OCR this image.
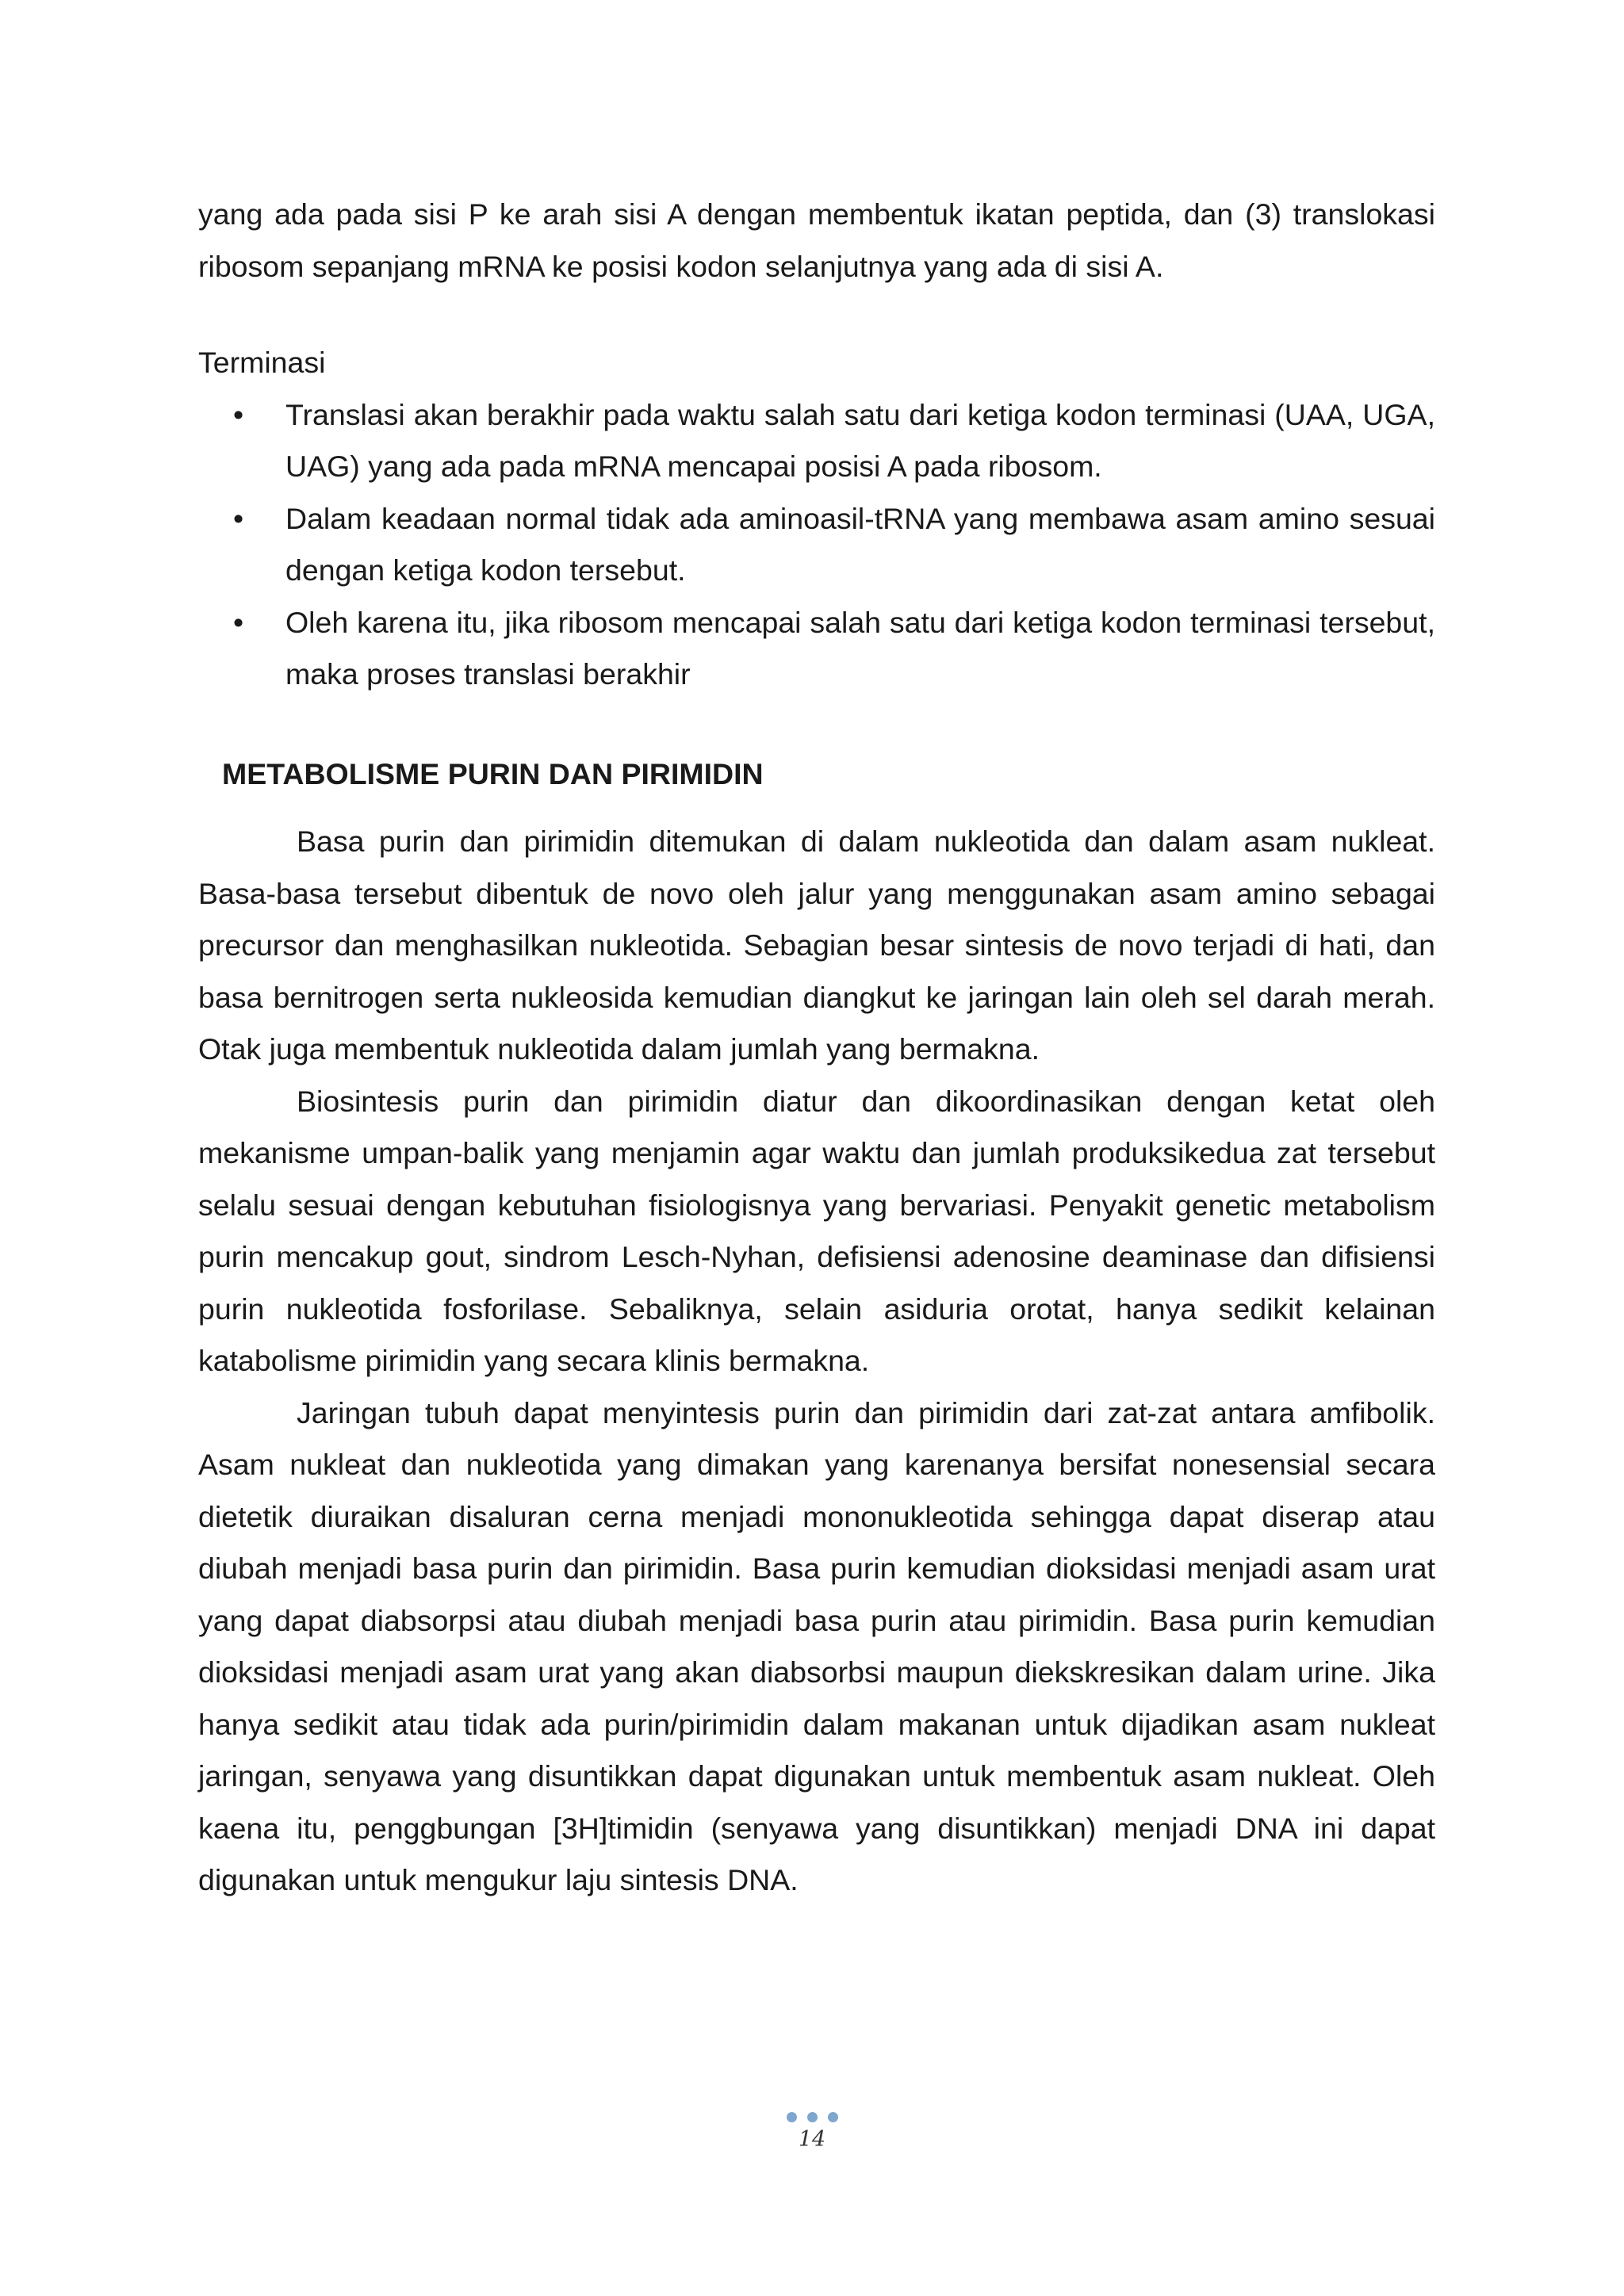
yang ada pada sisi P ke arah sisi A dengan membentuk ikatan peptida, dan (3) translokasi

ribosom sepanjang mRNA ke posisi kodon selanjutnya yang ada di sisi A.

Terminasi

• Translasi akan berakhir pada waktu salah satu dari ketiga kodon terminasi (UAA, UGA, UAG) yang ada pada mRNA mencapai posisi A pada ribosom.
• Dalam keadaan normal tidak ada aminoasil-tRNA yang membawa asam amino sesuai dengan ketiga kodon tersebut.
• Oleh karena itu, jika ribosom mencapai salah satu dari ketiga kodon terminasi tersebut, maka proses translasi berakhir

METABOLISME PURIN DAN PIRIMIDIN

Basa purin dan pirimidin ditemukan di dalam nukleotida dan dalam asam nukleat. Basa-basa tersebut dibentuk de novo oleh jalur yang menggunakan asam amino sebagai precursor dan menghasilkan nukleotida. Sebagian besar sintesis de novo terjadi di hati, dan basa bernitrogen serta nukleosida kemudian diangkut ke jaringan lain oleh sel darah merah. Otak juga membentuk nukleotida dalam jumlah yang bermakna.

Biosintesis purin dan pirimidin diatur dan dikoordinasikan dengan ketat oleh mekanisme umpan-balik yang menjamin agar waktu dan jumlah produksikedua zat tersebut selalu sesuai dengan kebutuhan fisiologisnya yang bervariasi. Penyakit genetic metabolism purin mencakup gout, sindrom Lesch-Nyhan, defisiensi adenosine deaminase dan difisiensi purin nukleotida fosforilase. Sebaliknya, selain asiduria orotat, hanya sedikit kelainan katabolisme pirimidin yang secara klinis bermakna.

Jaringan tubuh dapat menyintesis purin dan pirimidin dari zat-zat antara amfibolik. Asam nukleat dan nukleotida yang dimakan yang karenanya bersifat nonesensial secara dietetik diuraikan disaluran cerna menjadi mononukleotida sehingga dapat diserap atau diubah menjadi basa purin dan pirimidin. Basa purin kemudian dioksidasi menjadi asam urat yang dapat diabsorpsi atau diubah menjadi basa purin atau pirimidin. Basa purin kemudian dioksidasi menjadi asam urat yang akan diabsorbsi maupun diekskresikan dalam urine. Jika hanya sedikit atau tidak ada purin/pirimidin dalam makanan untuk dijadikan asam nukleat jaringan, senyawa yang disuntikkan dapat digunakan untuk membentuk asam nukleat. Oleh kaena itu, penggbungan [3H]timidin (senyawa yang disuntikkan) menjadi DNA ini dapat digunakan untuk mengukur laju sintesis DNA.

14
